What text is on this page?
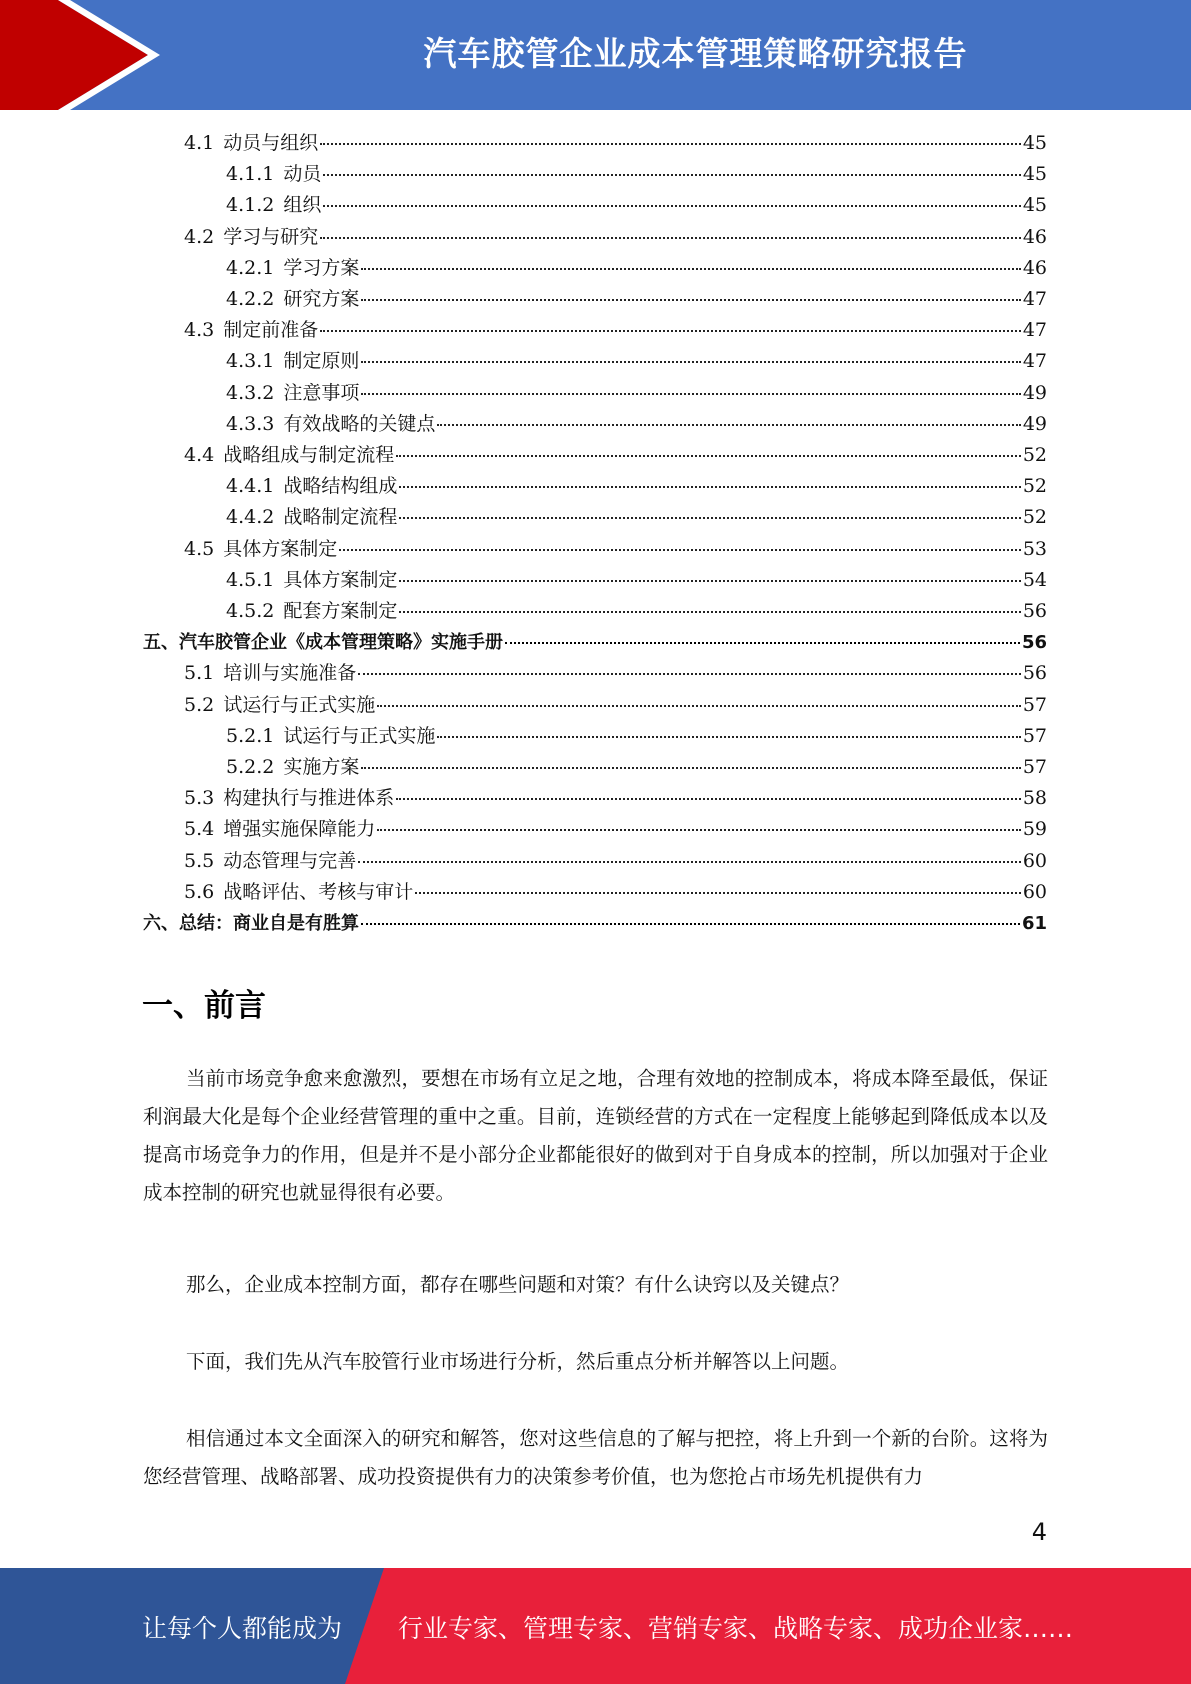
汽车胶管企业成本管理策略研究报告
4.1 动员与组织	45
4.1.1 动员	45
4.1.2 组织	45
4.2 学习与研究	46
4.2.1 学习方案	46
4.2.2 研究方案	47
4.3 制定前准备	47
4.3.1 制定原则	47
4.3.2 注意事项	49
4.3.3 有效战略的关键点	49
4.4 战略组成与制定流程	52
4.4.1 战略结构组成	52
4.4.2 战略制定流程	52
4.5 具体方案制定	53
4.5.1 具体方案制定	54
4.5.2 配套方案制定	56
五、汽车胶管企业《成本管理策略》实施手册	56
5.1 培训与实施准备	56
5.2 试运行与正式实施	57
5.2.1 试运行与正式实施	57
5.2.2 实施方案	57
5.3 构建执行与推进体系	58
5.4 增强实施保障能力	59
5.5 动态管理与完善	60
5.6 战略评估、考核与审计	60
六、总结：商业自是有胜算	61
一、前言

当前市场竞争愈来愈激烈，要想在市场有立足之地，合理有效地的控制成本，将成本降至最低，保证利润最大化是每个企业经营管理的重中之重。目前，连锁经营的方式在一定程度上能够起到降低成本以及提高市场竞争力的作用，但是并不是小部分企业都能很好的做到对于自身成本的控制，所以加强对于企业成本控制的研究也就显得很有必要。

那么，企业成本控制方面，都存在哪些问题和对策？有什么诀窍以及关键点？

下面，我们先从汽车胶管行业市场进行分析，然后重点分析并解答以上问题。

相信通过本文全面深入的研究和解答，您对这些信息的了解与把控，将上升到一个新的台阶。这将为您经营管理、战略部署、成功投资提供有力的决策参考价值，也为您抢占市场先机提供有力

4
让每个人都能成为 行业专家、管理专家、营销专家、战略专家、成功企业家……
